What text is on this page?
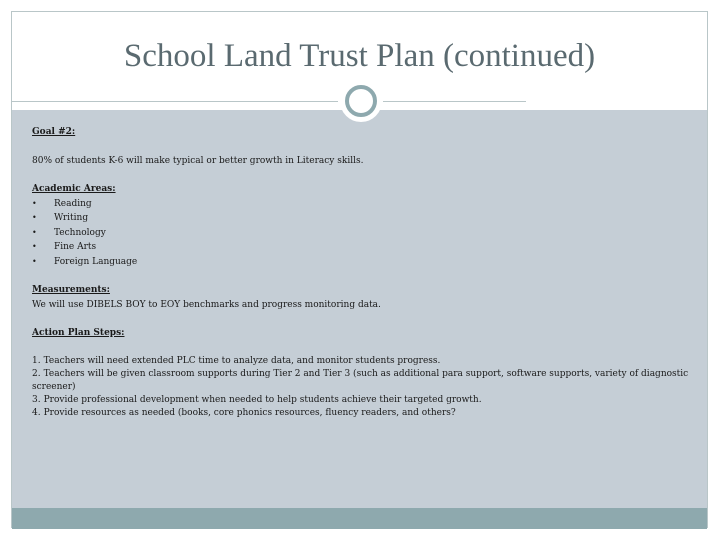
School Land Trust Plan (continued)

Goal #2:

80% of students K-6 will make typical or better growth in Literacy skills.

Academic Areas:

• Reading
• Writing
• Technology
• Fine Arts
• Foreign Language

Measurements:

We will use DIBELS BOY to EOY benchmarks and progress monitoring data.

Action Plan Steps:

1. Teachers will need extended PLC time to analyze data, and monitor students progress.
2. Teachers will be given classroom supports during Tier 2 and Tier 3 (such as additional para support, software supports, variety of diagnostic screener)
3. Provide professional development when needed to help students achieve their targeted growth.
4. Provide resources as needed (books, core phonics resources, fluency readers, and others?
